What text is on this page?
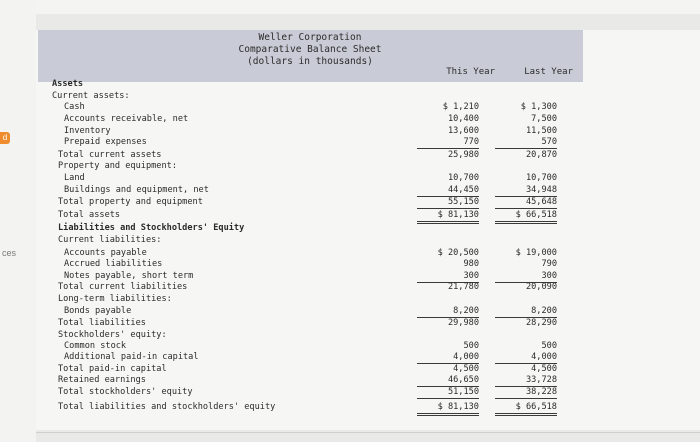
ces
d
Weller Corporation
Comparative Balance Sheet
(dollars in thousands)
This Year	Last Year
Assets
Current assets:
Cash	$ 1,210	$ 1,300
Accounts receivable, net	10,400	7,500
Inventory	13,600	11,500
Prepaid expenses	770	570
Total current assets	25,980	20,870
Property and equipment:
Land	10,700	10,700
Buildings and equipment, net	44,450	34,948
Total property and equipment	55,150	45,648
Total assets	$ 81,130	$ 66,518
Liabilities and Stockholders' Equity
Current liabilities:
Accounts payable	$ 20,500	$ 19,000
Accrued liabilities	980	790
Notes payable, short term	300	300
Total current liabilities	21,780	20,090
Long-term liabilities:
Bonds payable	8,200	8,200
Total liabilities	29,980	28,290
Stockholders' equity:
Common stock	500	500
Additional paid-in capital	4,000	4,000
Total paid-in capital	4,500	4,500
Retained earnings	46,650	33,728
Total stockholders' equity	51,150	38,228
Total liabilities and stockholders' equity	$ 81,130	$ 66,518
